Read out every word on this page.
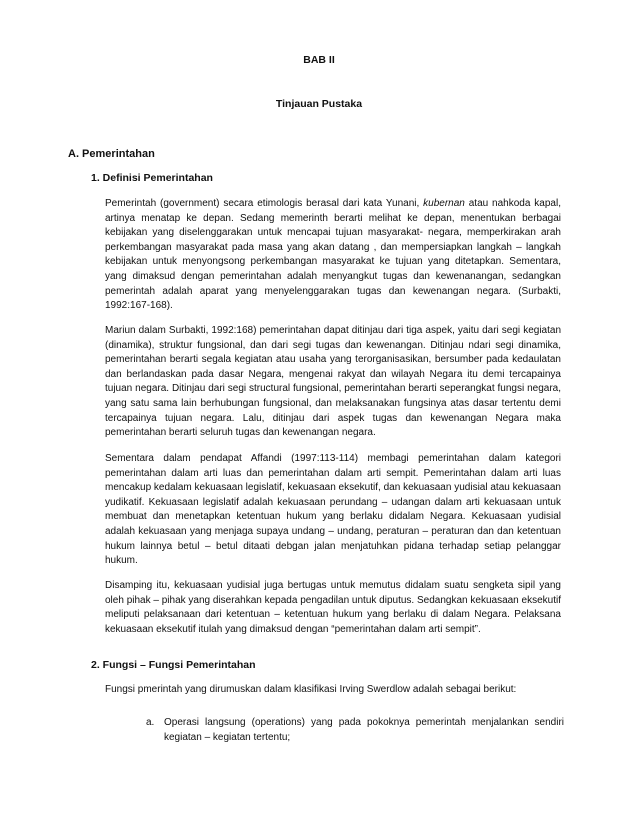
BAB II
Tinjauan Pustaka
A. Pemerintahan
1. Definisi Pemerintahan

Pemerintah (government) secara etimologis berasal dari kata Yunani, kubernan atau nahkoda kapal, artinya menatap ke depan. Sedang memerinth berarti melihat ke depan, menentukan berbagai kebijakan yang diselenggarakan untuk mencapai tujuan masyarakat- negara, memperkirakan arah perkembangan masyarakat pada masa yang akan datang , dan mempersiapkan langkah – langkah kebijakan untuk menyongsong perkembangan masyarakat ke tujuan yang ditetapkan. Sementara, yang dimaksud dengan pemerintahan adalah menyangkut tugas dan kewenanangan, sedangkan pemerintah adalah aparat yang menyelenggarakan tugas dan kewenangan negara. (Surbakti, 1992:167-168).

Mariun dalam Surbakti, 1992:168) pemerintahan dapat ditinjau dari tiga aspek, yaitu dari segi kegiatan (dinamika), struktur fungsional, dan dari segi tugas dan kewenangan. Ditinjau ndari segi dinamika, pemerintahan berarti segala kegiatan atau usaha yang terorganisasikan, bersumber pada kedaulatan dan berlandaskan pada dasar Negara, mengenai rakyat dan wilayah Negara itu demi tercapainya tujuan negara. Ditinjau dari segi structural fungsional, pemerintahan berarti seperangkat fungsi negara, yang satu sama lain berhubungan fungsional, dan melaksanakan fungsinya atas dasar tertentu demi tercapainya tujuan negara. Lalu, ditinjau dari aspek tugas dan kewenangan Negara maka pemerintahan berarti seluruh tugas dan kewenangan negara.

Sementara dalam pendapat Affandi (1997:113-114) membagi pemerintahan dalam kategori pemerintahan dalam arti luas dan pemerintahan dalam arti sempit. Pemerintahan dalam arti luas mencakup kedalam kekuasaan legislatif, kekuasaan eksekutif, dan kekuasaan yudisial atau kekuasaan yudikatif. Kekuasaan legislatif adalah kekuasaan perundang – udangan dalam arti kekuasaan untuk membuat dan menetapkan ketentuan hukum yang berlaku didalam Negara. Kekuasaan yudisial adalah kekuasaan yang menjaga supaya undang – undang, peraturan – peraturan dan dan ketentuan hukum lainnya betul – betul ditaati debgan jalan menjatuhkan pidana terhadap setiap pelanggar hukum.

Disamping itu, kekuasaan yudisial juga bertugas untuk memutus didalam suatu sengketa sipil yang oleh pihak – pihak yang diserahkan kepada pengadilan untuk diputus. Sedangkan kekuasaan eksekutif meliputi pelaksanaan dari ketentuan – ketentuan hukum yang berlaku di dalam Negara. Pelaksana kekuasaan eksekutif itulah yang dimaksud dengan “pemerintahan dalam arti sempit”.

2. Fungsi – Fungsi Pemerintahan

Fungsi pmerintah yang dirumuskan dalam klasifikasi Irving Swerdlow adalah sebagai berikut:

a. Operasi langsung (operations) yang pada pokoknya pemerintah menjalankan sendiri kegiatan – kegiatan tertentu;
